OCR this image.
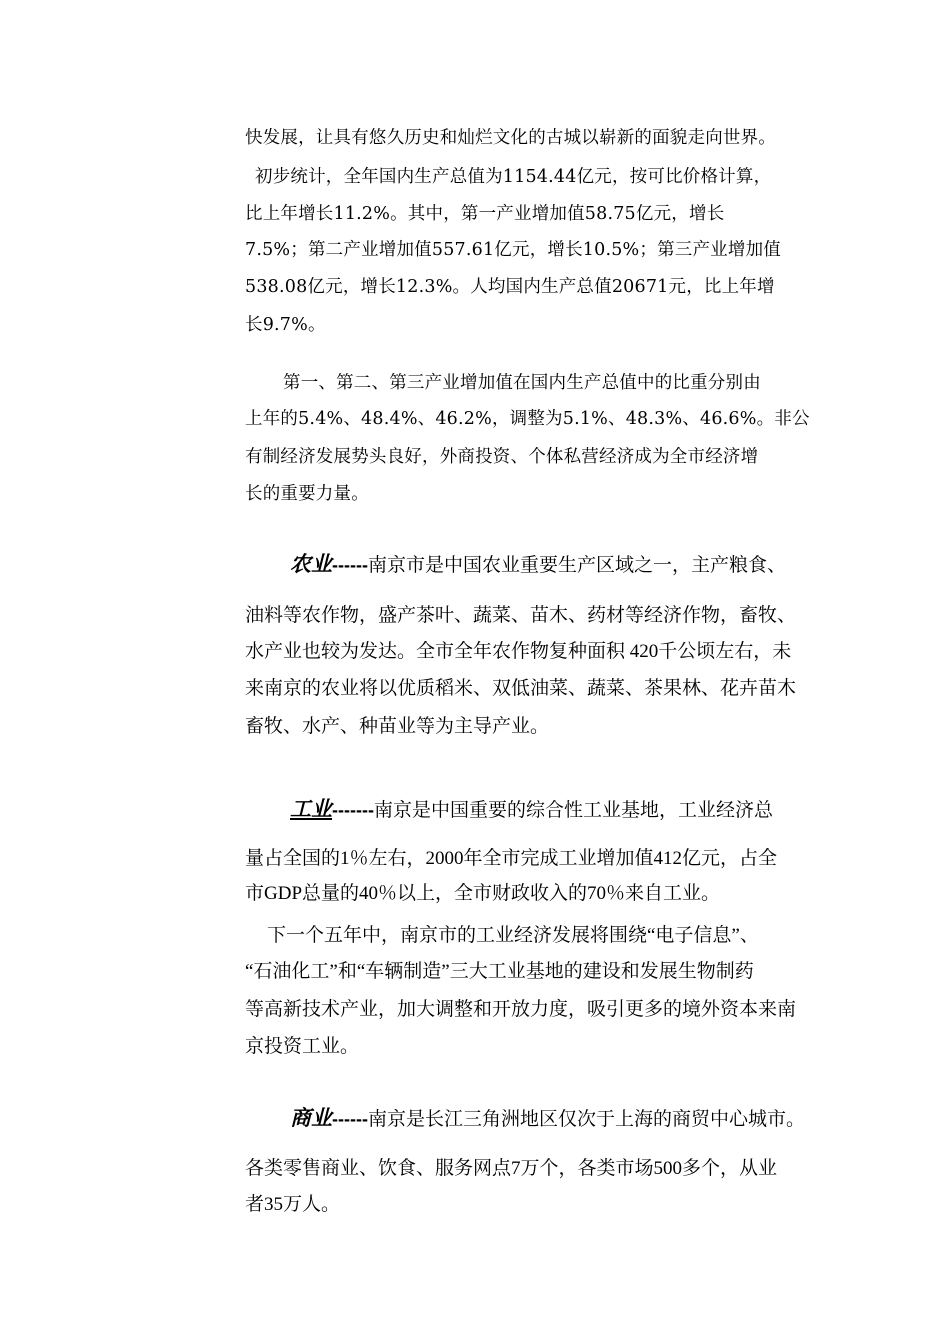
快发展，让具有悠久历史和灿烂文化的古城以崭新的面貌走向世界。
初步统计，全年国内生产总值为1154.44亿元，按可比价格计算，
比上年增长11.2%。其中，第一产业增加值58.75亿元，增长
7.5%；第二产业增加值557.61亿元，增长10.5%；第三产业增加值
538.08亿元，增长12.3%。人均国内生产总值20671元，比上年增
长9.7%。
第一、第二、第三产业增加值在国内生产总值中的比重分别由
上年的5.4%、48.4%、46.2%，调整为5.1%、48.3%、46.6%。非公
有制经济发展势头良好，外商投资、个体私营经济成为全市经济增
长的重要力量。
农业------南京市是中国农业重要生产区域之一，主产粮食、
油料等农作物，盛产茶叶、蔬菜、苗木、药材等经济作物，畜牧、
水产业也较为发达。全市全年农作物复种面积 420千公顷左右，未
来南京的农业将以优质稻米、双低油菜、蔬菜、茶果林、花卉苗木
畜牧、水产、种苗业等为主导产业。
工业-------南京是中国重要的综合性工业基地，工业经济总
量占全国的1％左右，2000年全市完成工业增加值412亿元，占全
市GDP总量的40％以上，全市财政收入的70％来自工业。
下一个五年中，南京市的工业经济发展将围绕“电子信息”、
“石油化工”和“车辆制造”三大工业基地的建设和发展生物制药
等高新技术产业，加大调整和开放力度，吸引更多的境外资本来南
京投资工业。
商业------南京是长江三角洲地区仅次于上海的商贸中心城市。
各类零售商业、饮食、服务网点7万个，各类市场500多个，从业
者35万人。
